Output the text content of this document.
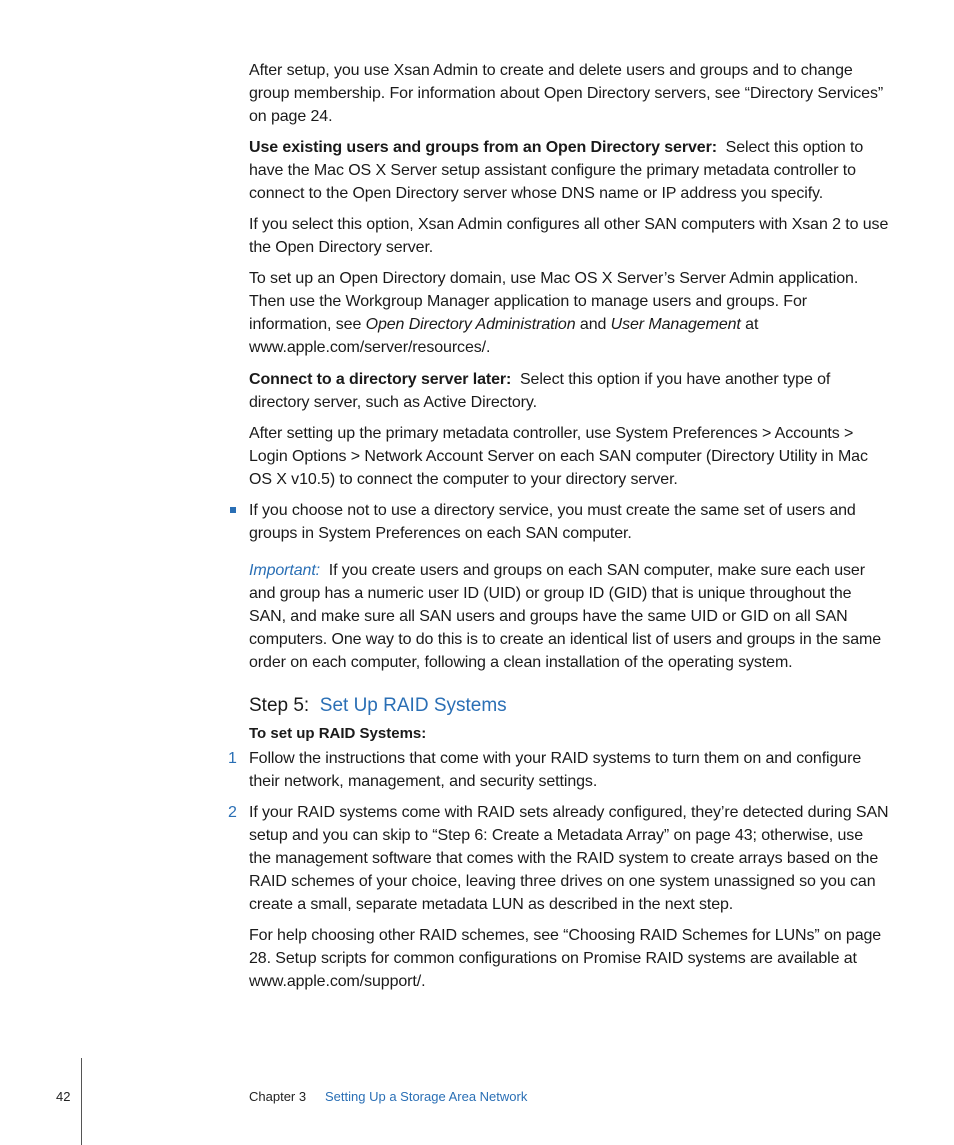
After setup, you use Xsan Admin to create and delete users and groups and to change group membership. For information about Open Directory servers, see “Directory Services” on page 24.

Use existing users and groups from an Open Directory server: Select this option to have the Mac OS X Server setup assistant configure the primary metadata controller to connect to the Open Directory server whose DNS name or IP address you specify.

If you select this option, Xsan Admin configures all other SAN computers with Xsan 2 to use the Open Directory server.

To set up an Open Directory domain, use Mac OS X Server’s Server Admin application. Then use the Workgroup Manager application to manage users and groups. For information, see Open Directory Administration and User Management at www.apple.com/server/resources/.

Connect to a directory server later: Select this option if you have another type of directory server, such as Active Directory.

After setting up the primary metadata controller, use System Preferences > Accounts > Login Options > Network Account Server on each SAN computer (Directory Utility in Mac OS X v10.5) to connect the computer to your directory server.

If you choose not to use a directory service, you must create the same set of users and groups in System Preferences on each SAN computer.

Important: If you create users and groups on each SAN computer, make sure each user and group has a numeric user ID (UID) or group ID (GID) that is unique throughout the SAN, and make sure all SAN users and groups have the same UID or GID on all SAN computers. One way to do this is to create an identical list of users and groups in the same order on each computer, following a clean installation of the operating system.

Step 5: Set Up RAID Systems
To set up RAID Systems:
1 Follow the instructions that come with your RAID systems to turn them on and configure their network, management, and security settings.

2 If your RAID systems come with RAID sets already configured, they’re detected during SAN setup and you can skip to “Step 6: Create a Metadata Array” on page 43; otherwise, use the management software that comes with the RAID system to create arrays based on the RAID schemes of your choice, leaving three drives on one system unassigned so you can create a small, separate metadata LUN as described in the next step.

For help choosing other RAID schemes, see “Choosing RAID Schemes for LUNs” on page 28. Setup scripts for common configurations on Promise RAID systems are available at www.apple.com/support/.

42	Chapter 3 Setting Up a Storage Area Network
